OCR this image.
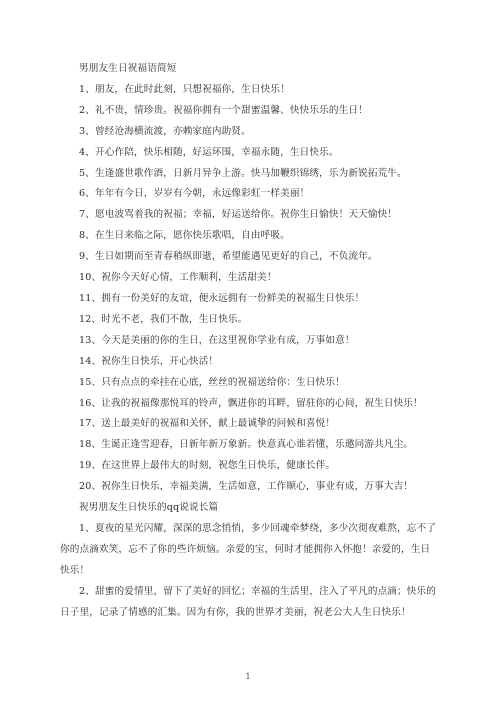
男朋友生日祝福语简短

1、朋友，在此时此刻，只想祝福你，生日快乐！

2、礼不贵，情珍贵。祝福你拥有一个甜蜜温馨、快快乐乐的生日！

3、曾经沧海横流渡，亦赖家庭内助贤。

4、开心作陪，快乐相随，好运环围，幸福永随，生日快乐。

5、生逢盛世歌作酒，日新月异争上游。快马加鞭织锦绣，乐为新锐拓荒牛。

6、年年有今日，岁岁有今朝，永远像彩虹一样美丽！

7、愿电波骂着我的祝福；幸福，好运送给你。祝你生日愉快！天天愉快！

8、在生日来临之际，愿你快乐歌唱，自由呼吸。

9、生日如期而至青春稍纵即逝，希望能遇见更好的自己，不负流年。

10、祝你今天好心情，工作顺利，生活甜美！

11、拥有一份美好的友谊，便永远拥有一份鲜美的祝福生日快乐！

12、时光不老，我们不散，生日快乐。

13、今天是美丽的你的生日，在这里祝你学业有成，万事如意！

14、祝你生日快乐，开心快活！

15、只有点点的牵挂在心底，丝丝的祝福送给你：生日快乐！

16、让我的祝福像那悦耳的铃声，飘进你的耳畔，留驻你的心间，祝生日快乐！

17、送上最美好的祝福和关怀，献上最诚挚的问候和喜悦！

18、生诞正逢雪迎春，日新年新万象新。快意真心谁若懂，乐邀同游共凡尘。

19、在这世界上最伟大的时刻，祝您生日快乐，健康长伴。

20、祝你生日快乐，幸福美满，生活如意，工作顺心，事业有成，万事大吉！

祝男朋友生日快乐的qq说说长篇

1、夏夜的星光闪耀，深深的思念悄悄，多少回魂牵梦绕，多少次彻夜难熬，忘不了你的点滴欢笑，忘不了你的些许烦恼。亲爱的宝，何时才能拥你入怀抱！亲爱的，生日快乐！

2、甜蜜的爱情里，留下了美好的回忆；幸福的生活里，注入了平凡的点滴；快乐的日子里，记录了情感的汇集。因为有你，我的世界才美丽，祝老公大人生日快乐！

1
